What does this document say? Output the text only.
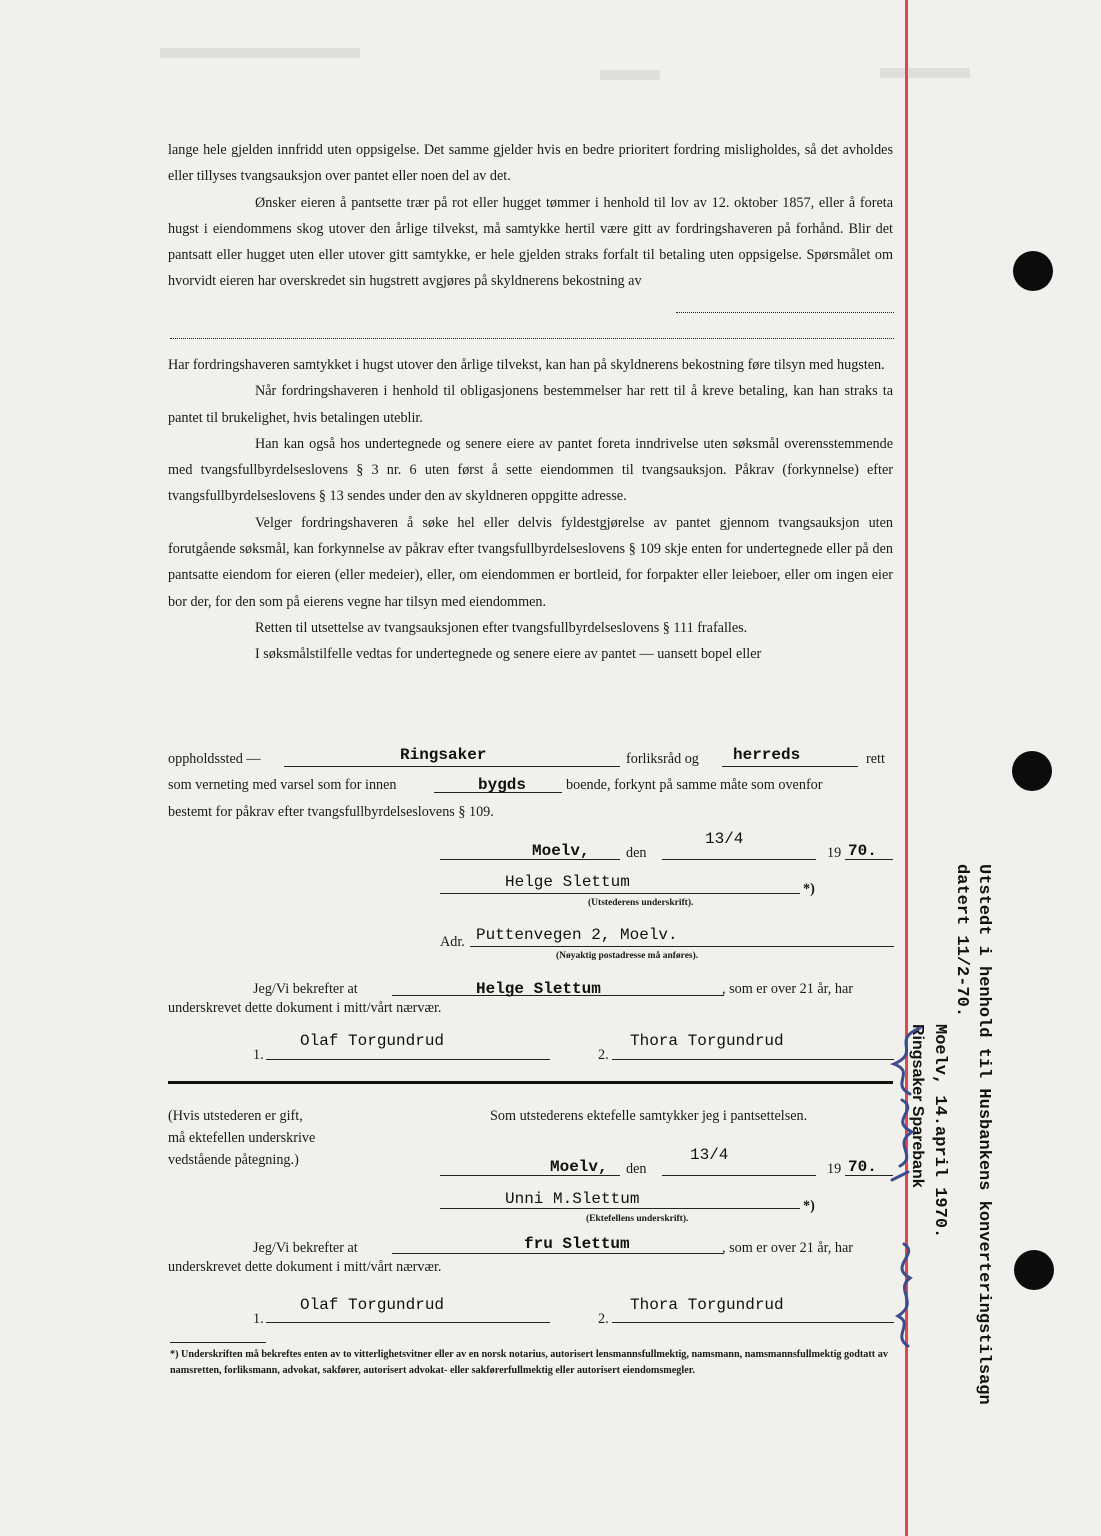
lange hele gjelden innfridd uten oppsigelse. Det samme gjelder hvis en bedre prioritert fordring misligholdes, så det avholdes eller tillyses tvangsauksjon over pantet eller noen del av det.

Ønsker eieren å pantsette trær på rot eller hugget tømmer i henhold til lov av 12. oktober 1857, eller å foreta hugst i eiendommens skog utover den årlige tilvekst, må samtykke hertil være gitt av fordringshaveren på forhånd. Blir det pantsatt eller hugget uten eller utover gitt samtykke, er hele gjelden straks forfalt til betaling uten oppsigelse. Spørsmålet om hvorvidt eieren har overskredet sin hugstrett avgjøres på skyldnerens bekostning av

Har fordringshaveren samtykket i hugst utover den årlige tilvekst, kan han på skyldnerens bekostning føre tilsyn med hugsten.

Når fordringshaveren i henhold til obligasjonens bestemmelser har rett til å kreve betaling, kan han straks ta pantet til brukelighet, hvis betalingen uteblir.

Han kan også hos undertegnede og senere eiere av pantet foreta inndrivelse uten søksmål overensstemmende med tvangsfullbyrdelseslovens § 3 nr. 6 uten først å sette eiendommen til tvangsauksjon. Påkrav (forkynnelse) efter tvangsfullbyrdelseslovens § 13 sendes under den av skyldneren oppgitte adresse.

Velger fordringshaveren å søke hel eller delvis fyldestgjørelse av pantet gjennom tvangsauksjon uten forutgående søksmål, kan forkynnelse av påkrav efter tvangsfullbyrdelseslovens § 109 skje enten for undertegnede eller på den pantsatte eiendom for eieren (eller medeier), eller, om eiendommen er bortleid, for forpakter eller leieboer, eller om ingen eier bor der, for den som på eierens vegne har tilsyn med eiendommen.

Retten til utsettelse av tvangsauksjonen efter tvangsfullbyrdelseslovens § 111 frafalles.

I søksmålstilfelle vedtas for undertegnede og senere eiere av pantet — uansett bopel eller

oppholdssted —	Ringsaker	forliksråd og herreds	rett
som verneting med varsel som for innen	bygds	boende, forkynt på samme måte som ovenfor
bestemt for påkrav efter tvangsfullbyrdelseslovens § 109.
Moelv,	den
13/4
19 70.
Helge Slettum	*)
(Utstederens underskrift).
Adr. Puttenvegen 2, Moelv.
(Nøyaktig postadresse må anføres).
Jeg/Vi bekrefter at	Helge Slettum	, som er over 21 år, har
underskrevet dette dokument i mitt/vårt nærvær.
1.
Olaf Torgundrud
2.
Thora Torgundrud
(Hvis utstederen er gift,
må ektefellen underskrive
vedstående påtegning.)
Som utstederens ektefelle samtykker jeg i pantsettelsen.
Moelv, den
13/4
19 70.
Unni M.Slettum	*)
(Ektefellens underskrift).
Jeg/Vi bekrefter at	fru Slettum	, som er over 21 år, har
underskrevet dette dokument i mitt/vårt nærvær.
1.
Olaf Torgundrud
2.
Thora Torgundrud
*) Underskriften må bekreftes enten av to vitterlighetsvitner eller av en norsk notarius, autorisert lensmannsfullmektig, namsmann, namsmannsfullmektig godtatt av namsretten, forliksmann, advokat, sakfører, autorisert advokat- eller sakførerfullmektig eller autorisert eiendomsmegler.	Utstedt i henhold til Husbankens konverteringstilsagn
datert 11/2-70.
Moelv, 14.april 1970.
Ringsaker Sparebank
